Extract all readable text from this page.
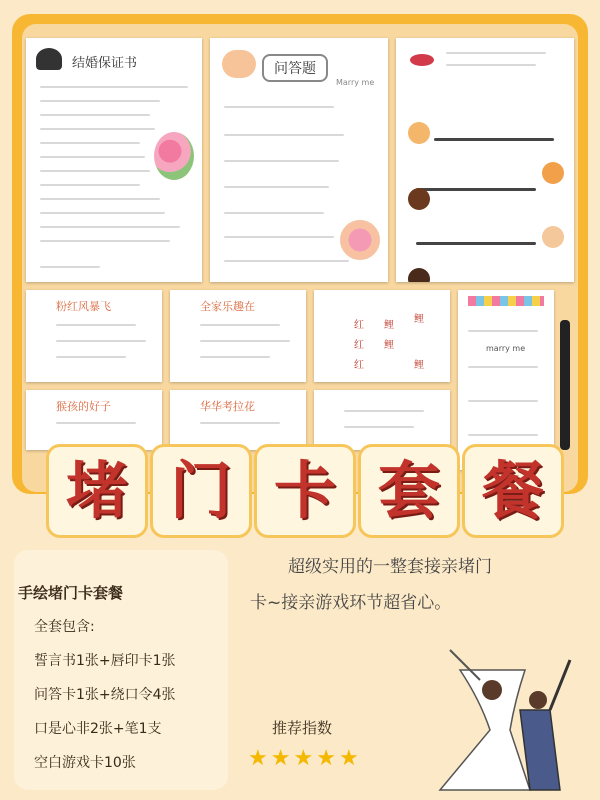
结婚保证书	问答题
Marry me
粉红风暴飞	全家乐趣在
红 鲤
鲤
红 鲤
红	鲤
猴孩的好子	华华考拉花
marry me
堵 门 卡 套 餐
手绘堵门卡套餐
全套包含:
誓言书1张+唇印卡1张
问答卡1张+绕口令4张
口是心非2张+笔1支
空白游戏卡10张
超级实用的一整套接亲堵门
卡~接亲游戏环节超省心。
推荐指数
★ ★ ★ ★ ★
